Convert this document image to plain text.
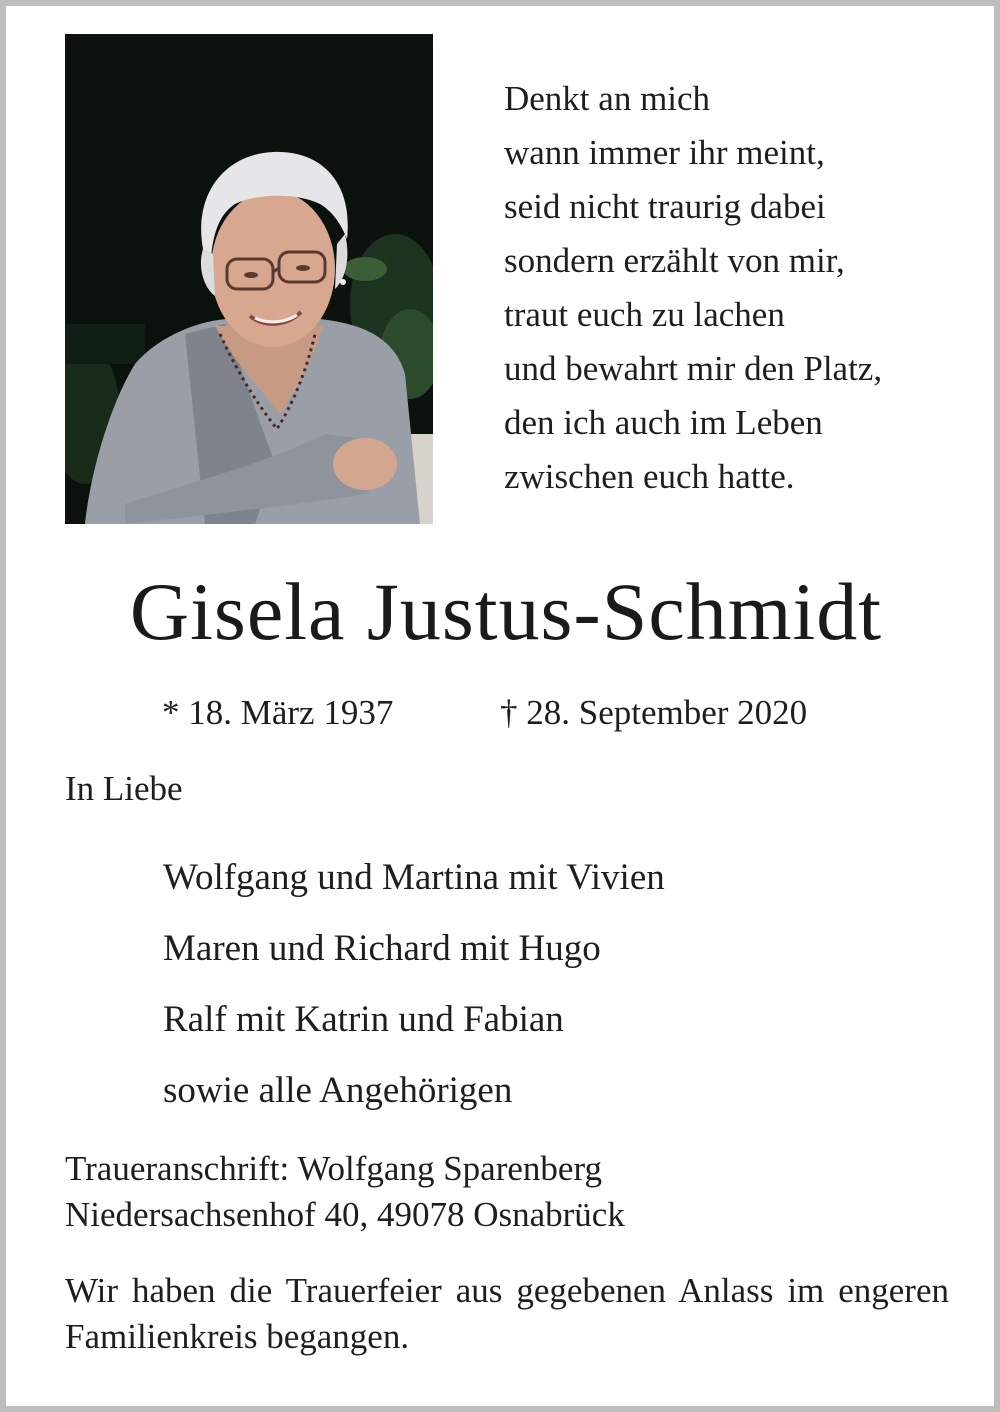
Denkt an mich
wann immer ihr meint,
seid nicht traurig dabei
sondern erzählt von mir,
traut euch zu lachen
und bewahrt mir den Platz,
den ich auch im Leben
zwischen euch hatte.
Gisela Justus-Schmidt
* 18. März 1937	† 28. September 2020
In Liebe
Wolfgang und Martina mit Vivien
Maren und Richard mit Hugo
Ralf mit Katrin und Fabian
sowie alle Angehörigen
Traueranschrift: Wolfgang Sparenberg
Niedersachsenhof 40, 49078 Osnabrück
Wir haben die Trauerfeier aus gegebenen Anlass im engeren Familienkreis begangen.
